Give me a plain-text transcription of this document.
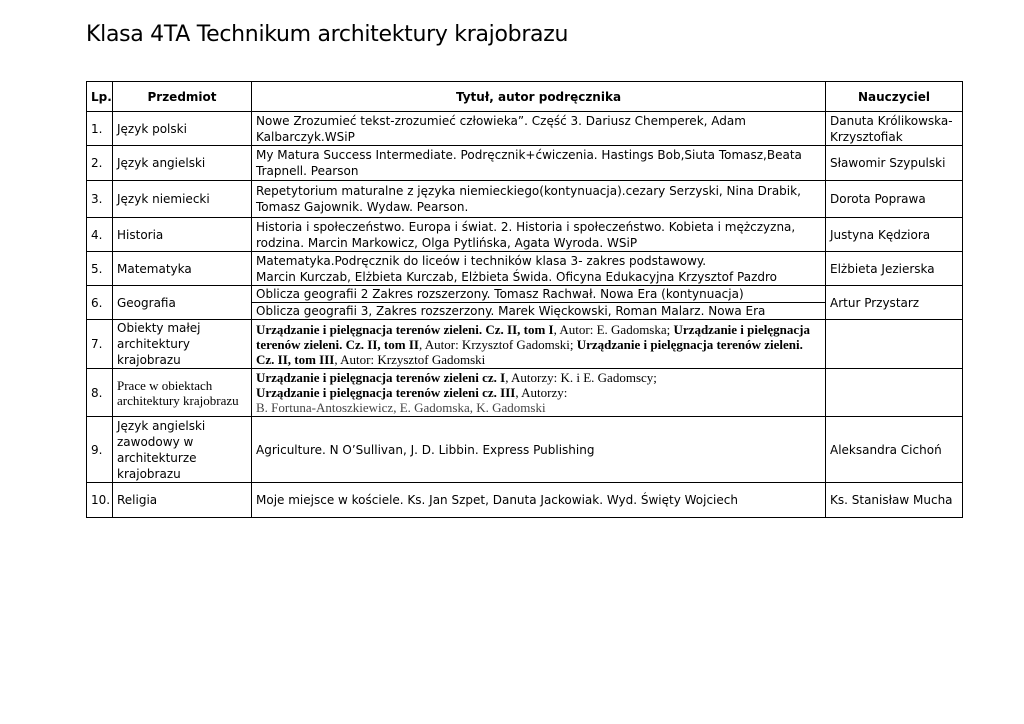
Klasa 4TA Technikum architektury krajobrazu
Lp.	Przedmiot	Tytuł, autor podręcznika	Nauczyciel
1.	Język polski	Nowe Zrozumieć tekst-zrozumieć człowieka”. Część 3. Dariusz Chemperek, Adam Kalbarczyk.WSiP	Danuta Królikowska-Krzysztofiak
2.	Język angielski	My Matura Success Intermediate. Podręcznik+ćwiczenia. Hastings Bob,Siuta Tomasz,Beata Trapnell. Pearson	Sławomir Szypulski
3.	Język niemiecki	Repetytorium maturalne z języka niemieckiego(kontynuacja).cezary Serzyski, Nina Drabik, Tomasz Gajownik. Wydaw. Pearson.	Dorota Poprawa
4.	Historia	Historia i społeczeństwo. Europa i świat. 2. Historia i społeczeństwo. Kobieta i mężczyzna, rodzina. Marcin Markowicz, Olga Pytlińska, Agata Wyroda. WSiP	Justyna Kędziora
5.	Matematyka	Matematyka.Podręcznik do liceów i techników klasa 3- zakres podstawowy.
Marcin Kurczab, Elżbieta Kurczab, Elżbieta Świda. Oficyna Edukacyjna Krzysztof Pazdro	Elżbieta Jezierska
6.	Geografia	Oblicza geografii 2 Zakres rozszerzony. Tomasz Rachwał. Nowa Era (kontynuacja)	Artur Przystarz
		Oblicza geografii 3, Zakres rozszerzony. Marek Więckowski, Roman Malarz. Nowa Era	
7.	Obiekty małej architektury krajobrazu	Urządzanie i pielęgnacja terenów zieleni. Cz. II, tom I, Autor: E. Gadomska; Urządzanie i pielęgnacja terenów zieleni. Cz. II, tom II, Autor: Krzysztof Gadomski; Urządzanie i pielęgnacja terenów zieleni. Cz. II, tom III, Autor: Krzysztof Gadomski	
8.	Prace w obiektach architektury krajobrazu	Urządzanie i pielęgnacja terenów zieleni cz. I, Autorzy: K. i E. Gadomscy;
Urządzanie i pielęgnacja terenów zieleni cz. III, Autorzy:
B. Fortuna-Antoszkiewicz, E. Gadomska, K. Gadomski	

9.	Język angielski zawodowy w architekturze krajobrazu	Agriculture. N O’Sullivan, J. D. Libbin. Express Publishing	Aleksandra Cichoń
10.	Religia	Moje miejsce w kościele. Ks. Jan Szpet, Danuta Jackowiak. Wyd. Święty Wojciech	Ks. Stanisław Mucha
